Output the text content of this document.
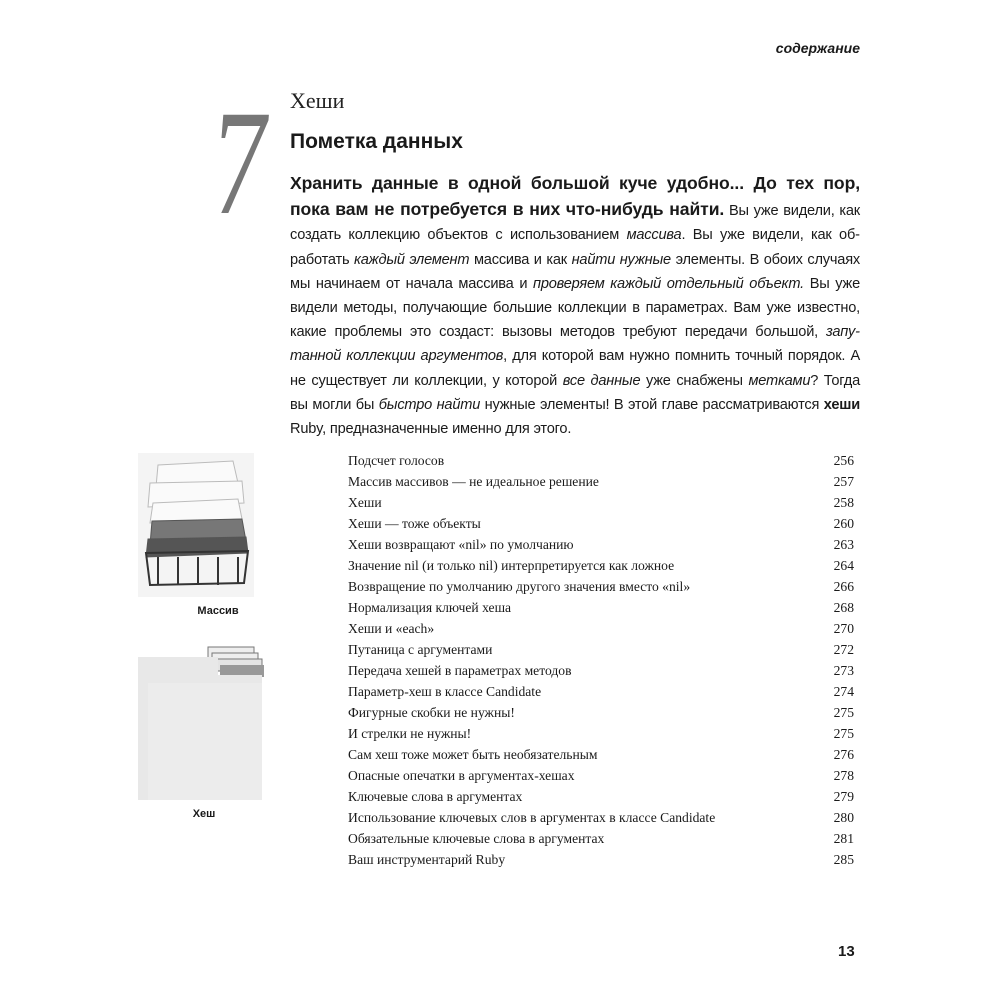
содержание
7 Хеши
Пометка данных
Хранить данные в одной большой куче удобно... До тех пор, пока вам не потребуется в них что-нибудь найти. Вы уже видели, как создать коллекцию объектов с использованием массива. Вы уже видели, как обработать каждый элемент массива и как найти нужные элементы. В обоих случаях мы начинаем от начала массива и проверяем каждый отдельный объект. Вы уже видели методы, получающие большие коллекции в параметрах. Вам уже известно, какие проблемы это создаст: вызовы методов требуют передачи большой, запутанной коллекции аргументов, для которой вам нужно помнить точный порядок. А не существует ли коллекции, у которой все данные уже снабжены метками? Тогда вы могли бы быстро найти нужные элементы! В этой главе рассматриваются хеши Ruby, предназначенные именно для этого.
Массив
Хеш
Подсчет голосов	256
Массив массивов — не идеальное решение	257
Хеши	258
Хеши — тоже объекты	260
Хеши возвращают «nil» по умолчанию	263
Значение nil (и только nil) интерпретируется как ложное	264
Возвращение по умолчанию другого значения вместо «nil»	266
Нормализация ключей хеша	268
Хеши и «each»	270
Путаница с аргументами	272
Передача хешей в параметрах методов	273
Параметр-хеш в классе Candidate	274
Фигурные скобки не нужны!	275
И стрелки не нужны!	275
Сам хеш тоже может быть необязательным	276
Опасные опечатки в аргументах-хешах	278
Ключевые слова в аргументах	279
Использование ключевых слов в аргументах в классе Candidate	280
Обязательные ключевые слова в аргументах	281
Ваш инструментарий Ruby	285
13
